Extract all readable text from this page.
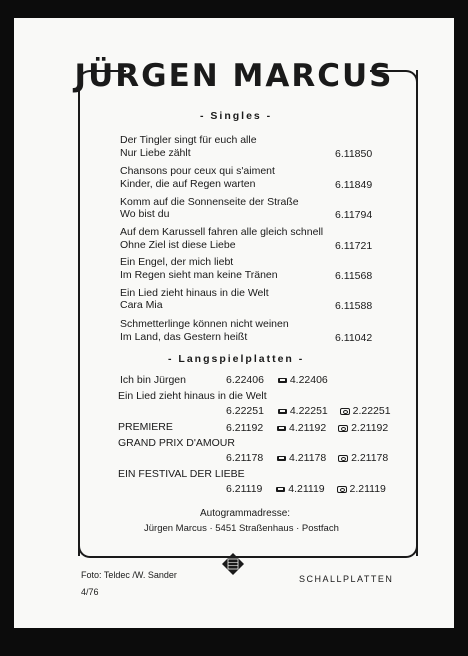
JÜRGEN MARCUS
- Singles -
Der Tingler singt für euch alle
Nur Liebe zählt	6.11850
Chansons pour ceux qui s'aiment
Kinder, die auf Regen warten	6.11849
Komm auf die Sonnenseite der Straße
Wo bist du	6.11794
Auf dem Karussell fahren alle gleich schnell
Ohne Ziel ist diese Liebe	6.11721
Ein Engel, der mich liebt
Im Regen sieht man keine Tränen	6.11568
Ein Lied zieht hinaus in die Welt
Cara Mia	6.11588
Schmetterlinge können nicht weinen
Im Land, das Gestern heißt	6.11042
- Langspielplatten -
Ich bin Jürgen	6.22406 4.22406
Ein Lied zieht hinaus in die Welt
6.22251 4.22251 2.22251
PREMIERE	6.21192 4.21192 2.21192
GRAND PRIX D'AMOUR
6.21178 4.21178 2.21178
EIN FESTIVAL DER LIEBE
6.21119 4.21119 2.21119
Autogrammadresse:
Jürgen Marcus · 5451 Straßenhaus · Postfach
Foto: Teldec /W. Sander
4/76
SCHALLPLATTEN
